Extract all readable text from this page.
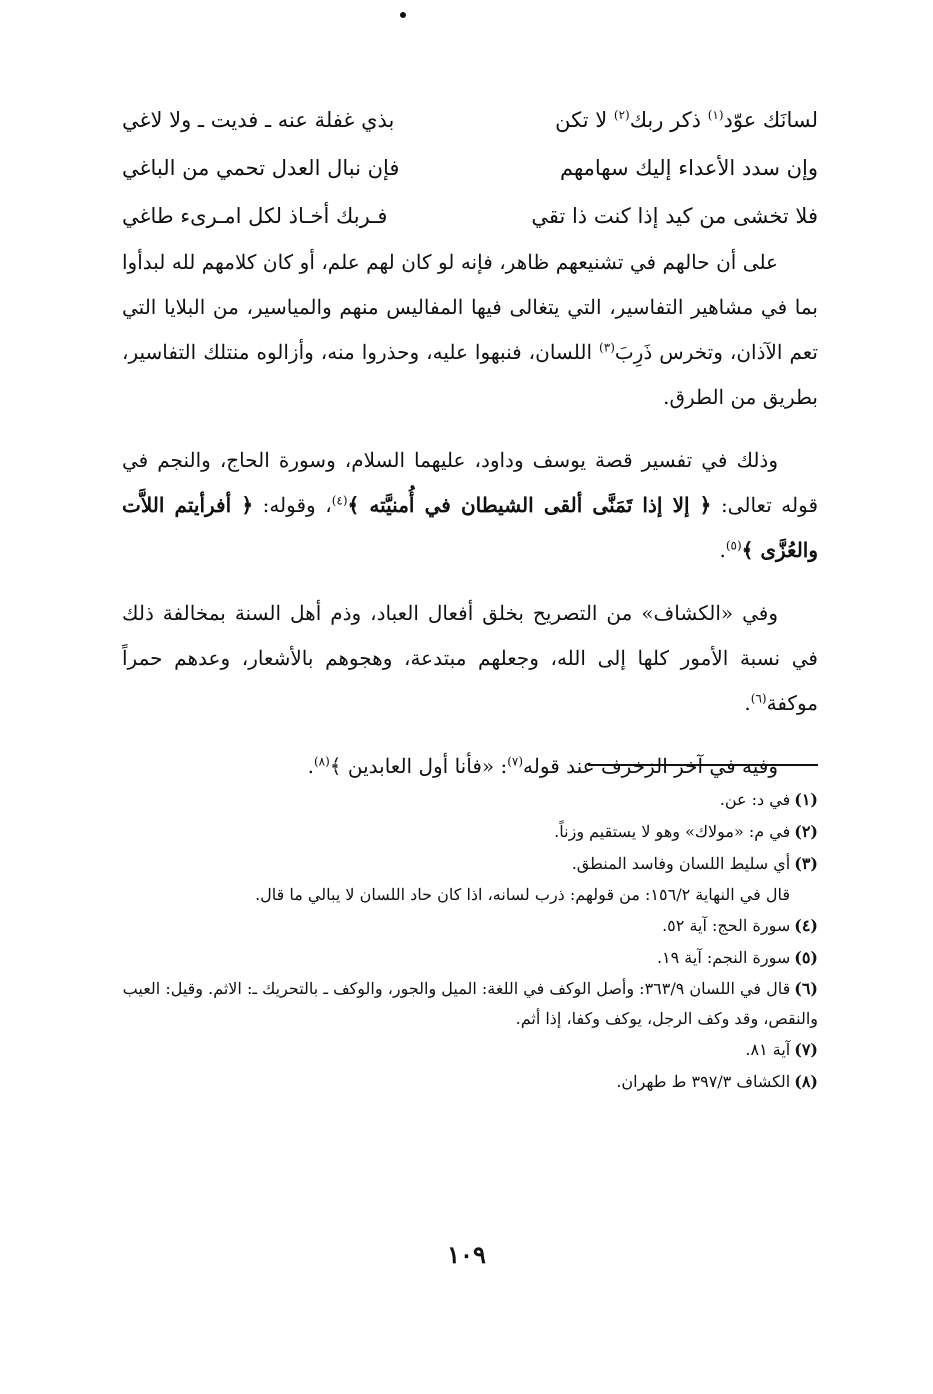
لسانَك عوّد$^{(١)}$ ذكر ربك$^{(٢)}$ لا تكن
بذي غفلة عنه ـ فديت ـ ولا لاغي
وإن سدد الأعداء إليك سهامهم
فإن نبال العدل تحمي من الباغي
فلا تخشى من كيد إذا كنت ذا تقي
فـربك أخـاذ لكل امـرىء طاغي

على أن حالهم في تشنيعهم ظاهر، فإنه لو كان لهم علم، أو كان كلامهم لله لبدأوا بما في مشاهير التفاسير، التي يتغالى فيها المفاليس منهم والمياسير، من البلايا التي تعم الآذان، وتخرس ذَرِبَ$^{(٣)}$ اللسان، فنبهوا عليه، وحذروا منه، وأزالوه منتلك التفاسير، بطريق من الطرق.

وذلك في تفسير قصة يوسف وداود، عليهما السلام، وسورة الحاج، والنجم في قوله تعالى: ﴿ إلا إذا تَمَنَّى ألقى الشيطان في أُمنيَّته ﴾$^{(٤)}$، وقوله: ﴿ أفرأيتم اللاَّت والعُزَّى ﴾$^{(٥)}$.

وفي «الكشاف» من التصريح بخلق أفعال العباد، وذم أهل السنة بمخالفة ذلك في نسبة الأمور كلها إلى الله، وجعلهم مبتدعة، وهجوهم بالأشعار، وعدهم حمراً موكفة$^{(٦)}$.

وفيه في آخر الزخرف عند قوله$^{(٧)}$: «فأنا أول العابدين ﴾$^{(٨)}$.

(١)في د: عن.

(٢)في م: «مولاك» وهو لا يستقيم وزناً.

(٣)أي سليط اللسان وفاسد المنطق.

قال في النهاية ١٥٦/٢: من قولهم: ذرب لسانه، اذا كان حاد اللسان لا يبالي ما قال.

(٤)سورة الحج: آية ٥٢.

(٥)سورة النجم: آية ١٩.

(٦)قال في اللسان ٣٦٣/٩: وأصل الوكف في اللغة: الميل والجور، والوكف ـ بالتحريك ـ: الاثم. وقيل: العيب والنقص، وقد وكف الرجل، يوكف وكفا، إذا أثم.

(٧)آية ٨١.

(٨)الكشاف ٣٩٧/٣ ط طهران.

١٠٩
